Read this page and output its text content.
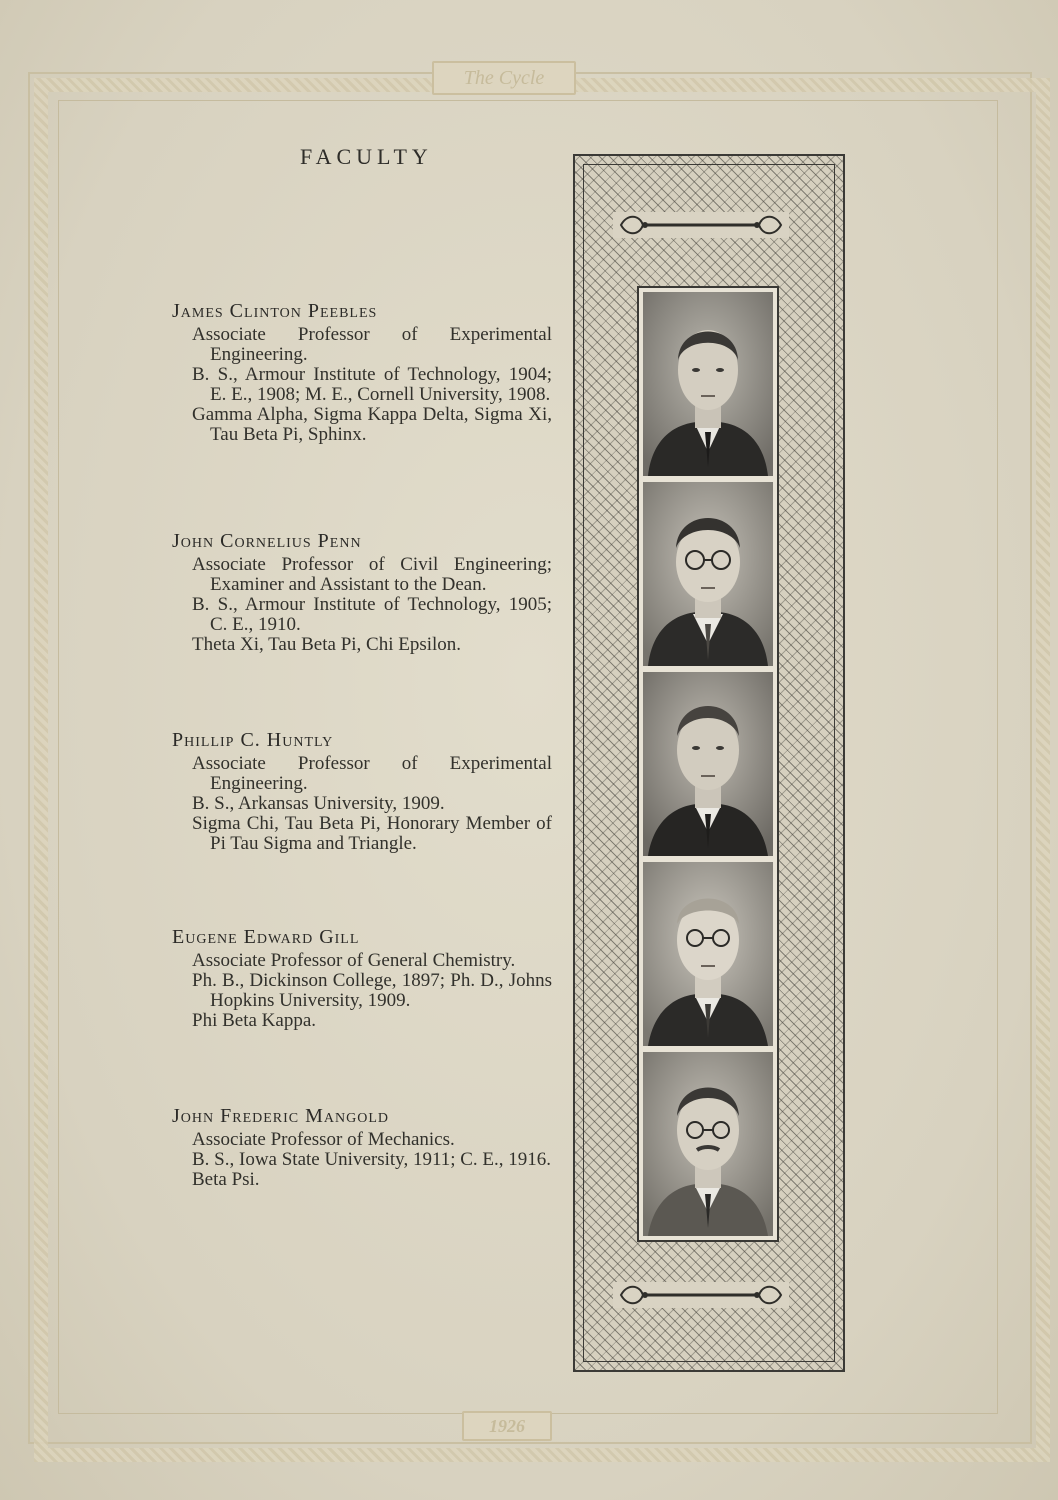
The Cycle
1926
FACULTY
James Clinton Peebles
Associate Professor of Experimental Engineering.
B. S., Armour Institute of Technology, 1904; E. E., 1908; M. E., Cornell University, 1908.
Gamma Alpha, Sigma Kappa Delta, Sigma Xi, Tau Beta Pi, Sphinx.
John Cornelius Penn
Associate Professor of Civil Engineering; Examiner and Assistant to the Dean.
B. S., Armour Institute of Technology, 1905; C. E., 1910.
Theta Xi, Tau Beta Pi, Chi Epsilon.
Phillip C. Huntly
Associate Professor of Experimental Engineering.
B. S., Arkansas University, 1909.
Sigma Chi, Tau Beta Pi, Honorary Member of Pi Tau Sigma and Triangle.
Eugene Edward Gill
Associate Professor of General Chemistry.
Ph. B., Dickinson College, 1897; Ph. D., Johns Hopkins University, 1909.
Phi Beta Kappa.
John Frederic Mangold
Associate Professor of Mechanics.
B. S., Iowa State University, 1911; C. E., 1916.
Beta Psi.
